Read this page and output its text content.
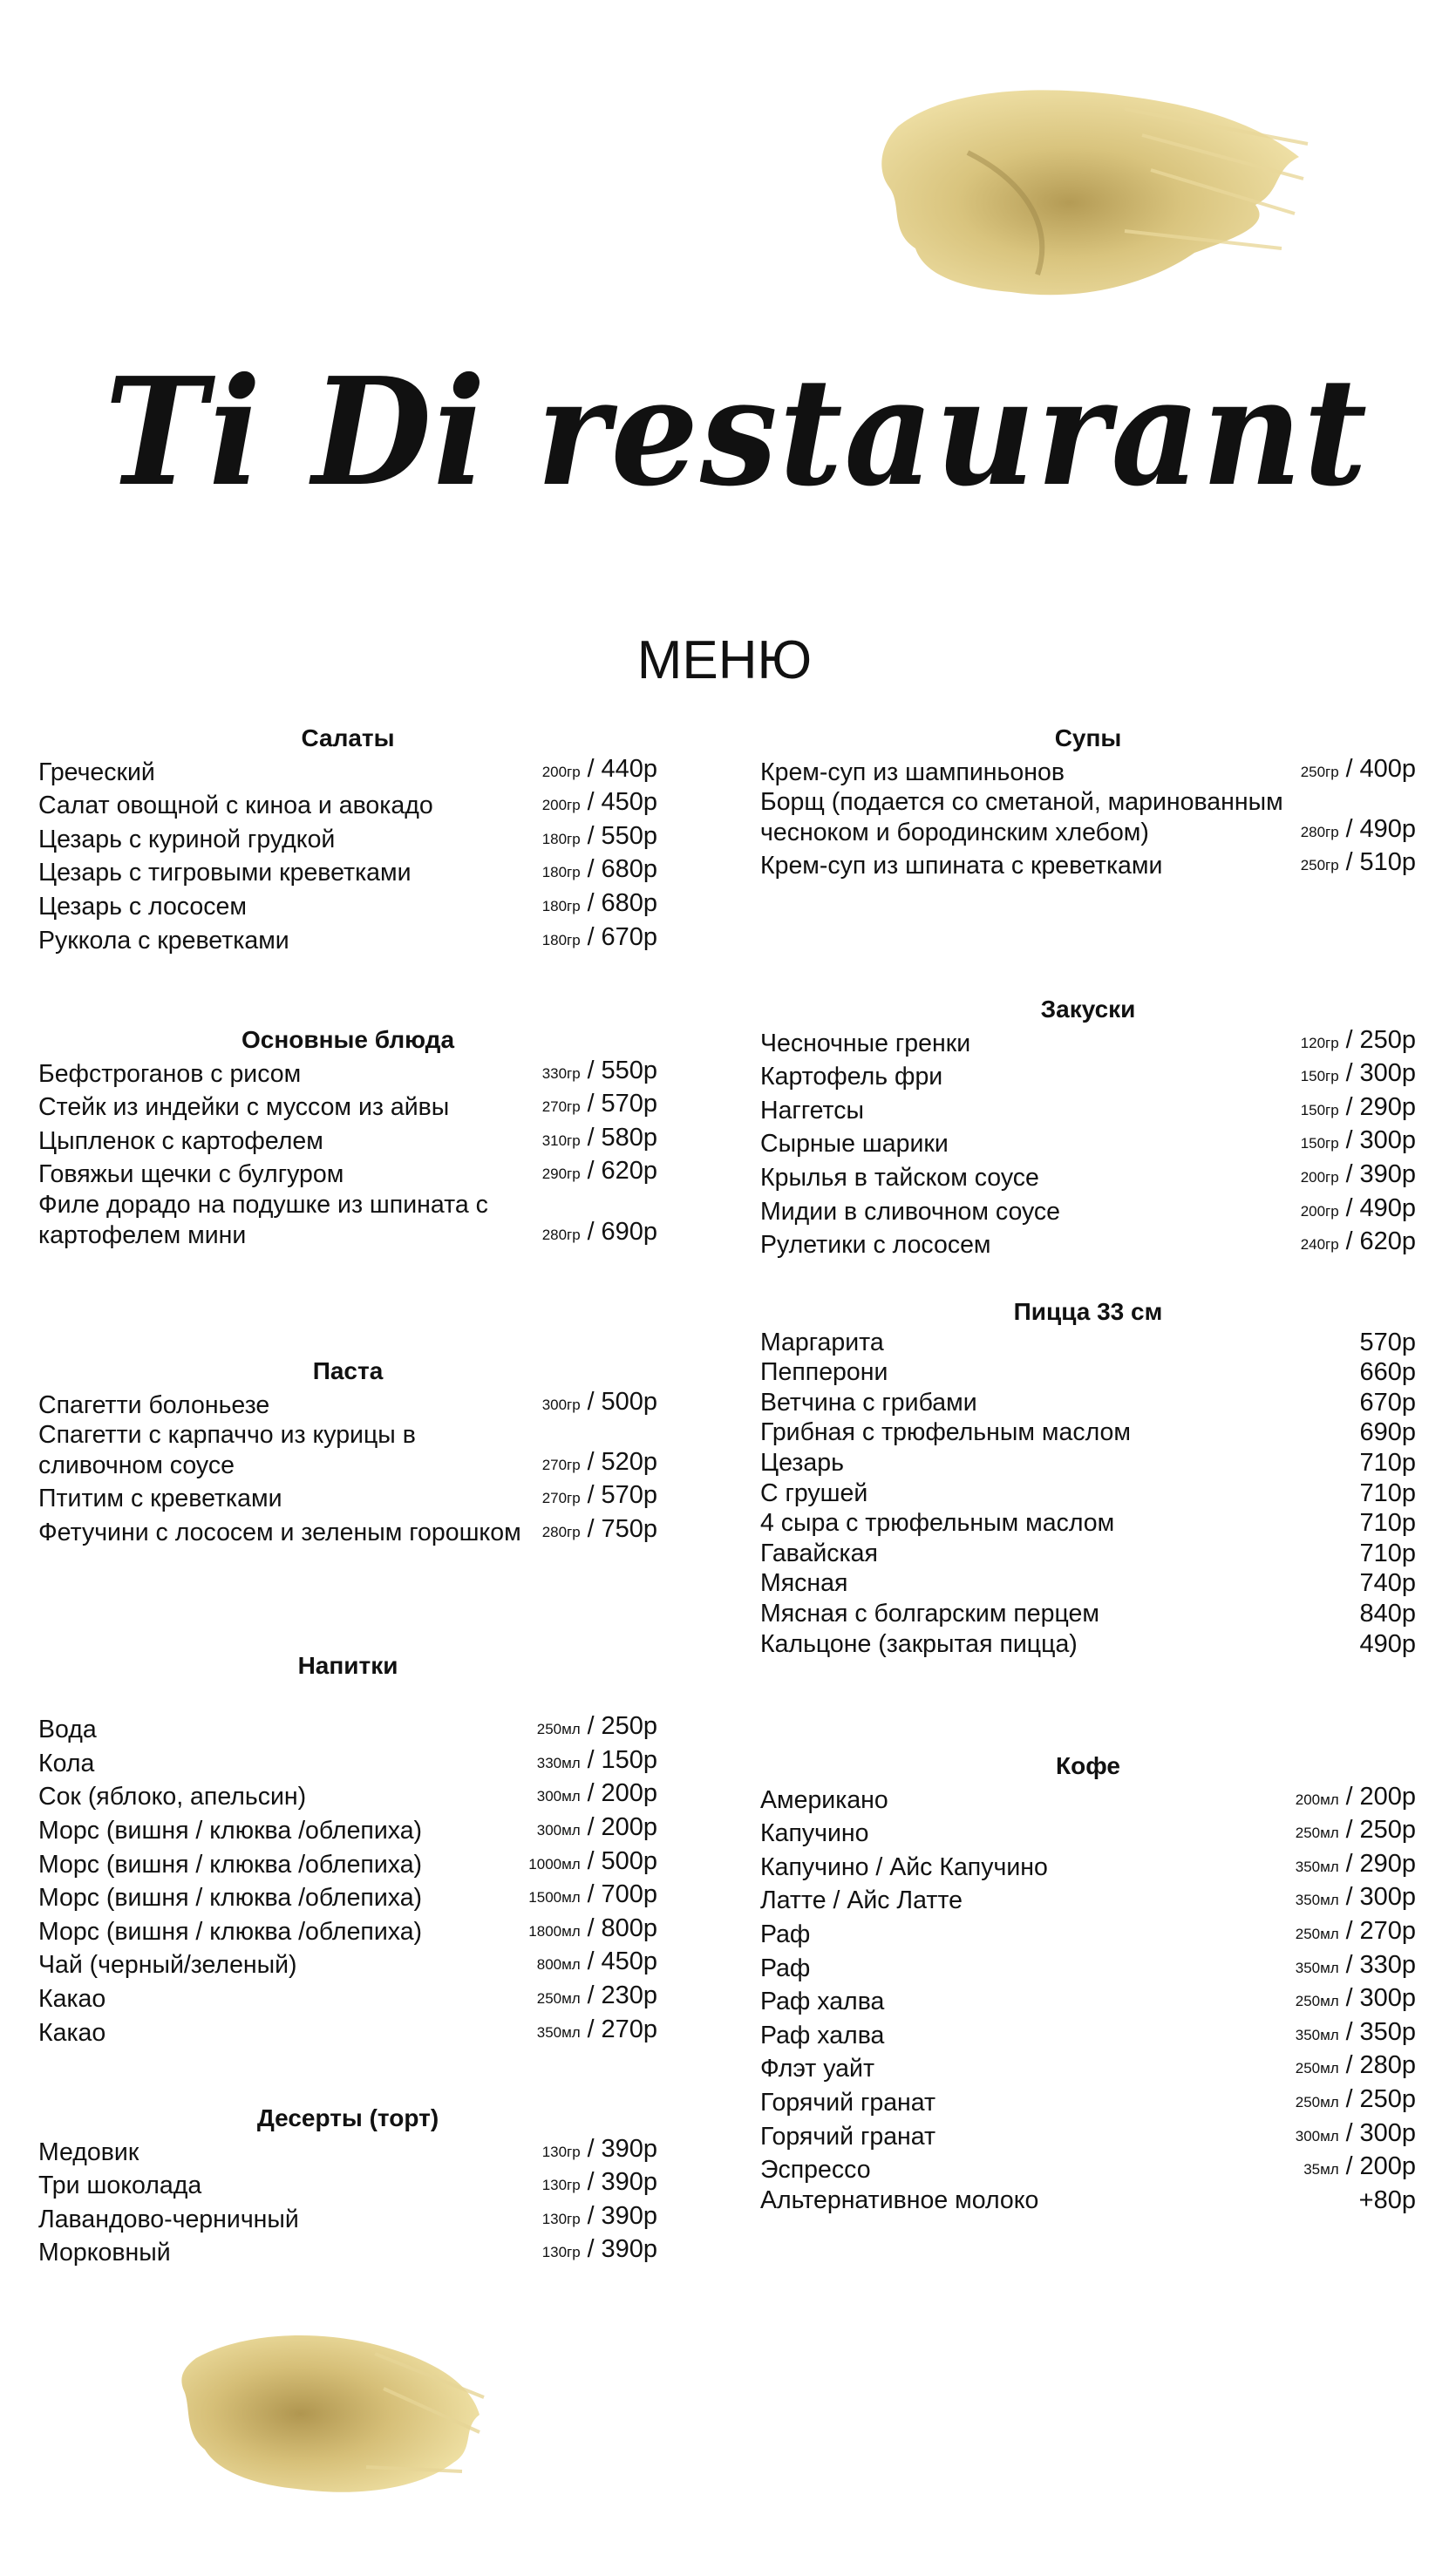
Ti Di restaurant
МЕНЮ
Салаты
Греческий	200гр / 440р
Салат овощной с киноа и авокадо	200гр / 450р
Цезарь с куриной грудкой	180гр / 550р
Цезарь с тигровыми креветками	180гр / 680р
Цезарь с лососем	180гр / 680р
Руккола с креветками	180гр / 670р
Основные блюда
Бефстроганов с рисом	330гр / 550р
Стейк из индейки с муссом из айвы	270гр / 570р
Цыпленок с картофелем	310гр / 580р
Говяжьи щечки с булгуром	290гр / 620р
Филе дорадо на подушке из шпината с картофелем мини	280гр / 690р
Паста
Спагетти болоньезе	300гр / 500р
Спагетти с карпаччо из курицы в сливочном соусе	270гр / 520р
Птитим с креветками	270гр / 570р
Фетучини с лососем и зеленым горошком	280гр / 750р
Напитки
Вода	250мл / 250р
Кола	330мл / 150р
Сок (яблоко, апельсин)	300мл / 200р
Морс (вишня / клюква /облепиха)	300мл / 200р
Морс (вишня / клюква /облепиха)	1000мл / 500р
Морс (вишня / клюква /облепиха)	1500мл / 700р
Морс (вишня / клюква /облепиха)	1800мл / 800р
Чай (черный/зеленый)	800мл / 450р
Какао	250мл / 230р
Какао	350мл / 270р
Десерты (торт)
Медовик	130гр / 390р
Три шоколада	130гр / 390р
Лавандово-черничный	130гр / 390р
Морковный	130гр / 390р
Супы
Крем-суп из шампиньонов	250гр / 400р
Борщ (подается со сметаной, маринованным чесноком и бородинским хлебом)	280гр / 490р
Крем-суп из шпината с креветками	250гр / 510р
Закуски
Чесночные гренки	120гр / 250р
Картофель фри	150гр / 300р
Наггетсы	150гр / 290р
Сырные шарики	150гр / 300р
Крылья в тайском соусе	200гр / 390р
Мидии в сливочном соусе	200гр / 490р
Рулетики с лососем	240гр / 620р
Пицца 33 см
Маргарита	570р
Пепперони	660р
Ветчина с грибами	670р
Грибная с трюфельным маслом	690р
Цезарь	710р
С грушей	710р
4 сыра с трюфельным маслом	710р
Гавайская	710р
Мясная	740р
Мясная с болгарским перцем	840р
Кальцоне (закрытая пицца)	490р
Кофе
Американо	200мл / 200р
Капучино	250мл / 250р
Капучино / Айс Капучино	350мл / 290р
Латте / Айс Латте	350мл / 300р
Раф	250мл / 270р
Раф	350мл / 330р
Раф халва	250мл / 300р
Раф халва	350мл / 350р
Флэт уайт	250мл / 280р
Горячий гранат	250мл / 250р
Горячий гранат	300мл / 300р
Эспрессо	35мл / 200р
Альтернативное молоко	+80р
